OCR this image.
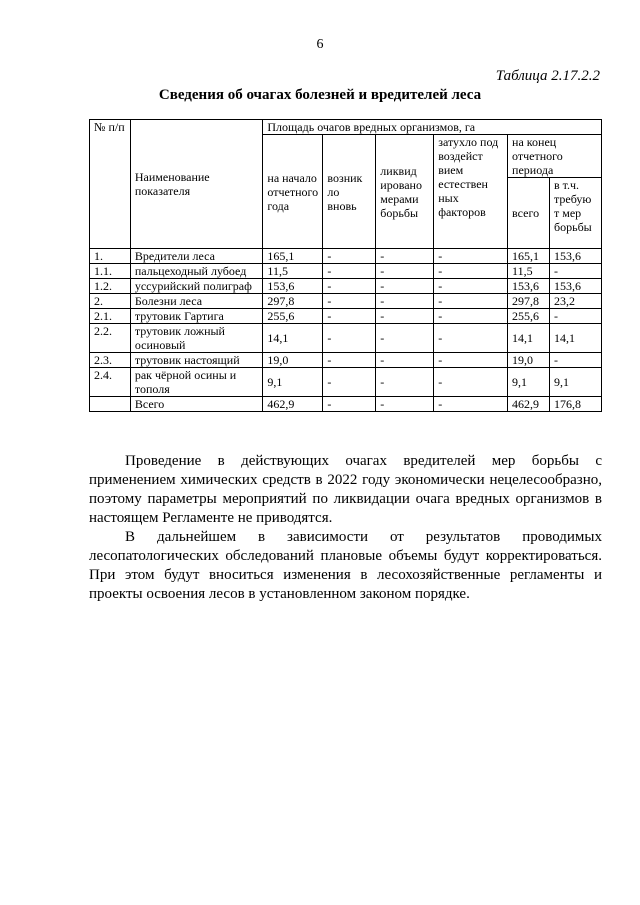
6
Таблица 2.17.2.2
Сведения об очагах болезней и вредителей леса
№ п/п	Наименование показателя	Площадь очагов вредных организмов, га					
		на начало отчетного года	возник ло вновь	ликвид ировано мерами борьбы	затухло под воздейст вием естествен ных факторов	на конец отчетного периода	
						всего	в т.ч. требую т мер борьбы
1.	Вредители леса	165,1	-	-	-	165,1	153,6
1.1.	пальцеходный лубоед	11,5	-	-	-	11,5	-
1.2.	уссурийский полиграф	153,6	-	-	-	153,6	153,6
2.	Болезни леса	297,8	-	-	-	297,8	23,2
2.1.	трутовик Гартига	255,6	-	-	-	255,6	-
2.2.	трутовик ложный осиновый	14,1	-	-	-	14,1	14,1
2.3.	трутовик настоящий	19,0	-	-	-	19,0	-
2.4.	рак чёрной осины и тополя	9,1	-	-	-	9,1	9,1
	Всего	462,9	-	-	-	462,9	176,8

Проведение в действующих очагах вредителей мер борьбы с применением химических средств в 2022 году экономически нецелесообразно, поэтому параметры мероприятий по ликвидации очага вредных организмов в настоящем Регламенте не приводятся.

В дальнейшем в зависимости от результатов проводимых лесопатологических обследований плановые объемы будут корректироваться. При этом будут вноситься изменения в лесохозяйственные регламенты и проекты освоения лесов в установленном законом порядке.
